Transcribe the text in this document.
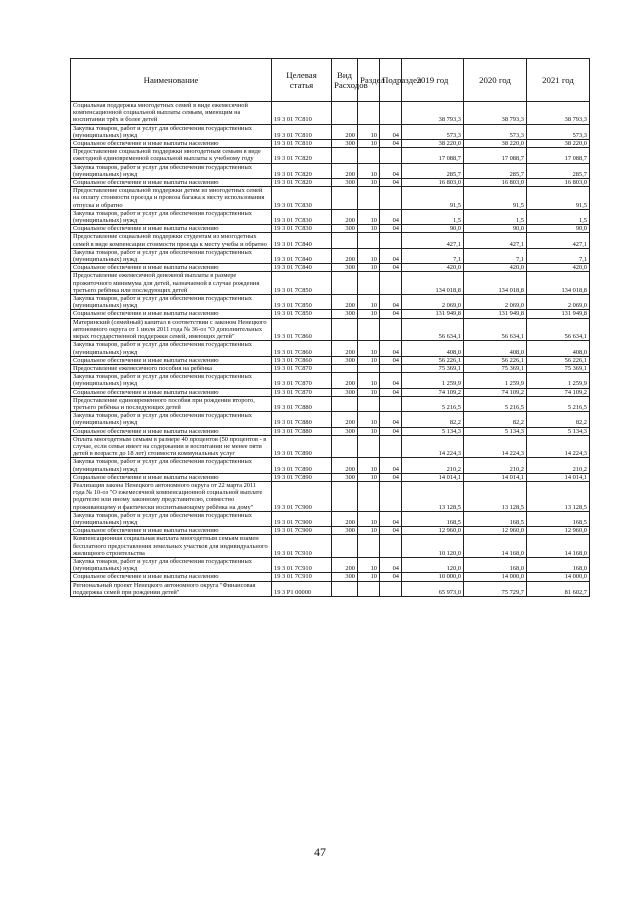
Наименование	Целевая статья	Вид Расходов	Раздел	Подраздел	2019 год	2020 год	2021 год
Социальная поддержка многодетных семей в виде ежемесячной компенсационной социальной выплаты семьям, имеющим на воспитании трёх и более детей	19 3 01 7С810				38 793,3	38 793,3	38 793,3
Закупка товаров, работ и услуг для обеспечения государственных (муниципальных) нужд	19 3 01 7С810	200	10	04	573,3	573,3	573,3
Социальное обеспечение и иные выплаты населению	19 3 01 7С810	300	10	04	38 220,0	38 220,0	38 220,0
Предоставление социальной поддержки многодетным семьям в виде ежегодной единовременной социальной выплаты к учебному году	19 3 01 7С820				17 088,7	17 088,7	17 088,7
Закупка товаров, работ и услуг для обеспечения государственных (муниципальных) нужд	19 3 01 7С820	200	10	04	285,7	285,7	285,7
Социальное обеспечение и иные выплаты населению	19 3 01 7С820	300	10	04	16 803,0	16 803,0	16 803,0
Предоставление социальной поддержки детям из многодетных семей на оплату стоимости проезда и провоза багажа к месту использования отпуска и обратно	19 3 01 7С830				91,5	91,5	91,5
Закупка товаров, работ и услуг для обеспечения государственных (муниципальных) нужд	19 3 01 7С830	200	10	04	1,5	1,5	1,5
Социальное обеспечение и иные выплаты населению	19 3 01 7С830	300	10	04	90,0	90,0	90,0
Предоставление социальной поддержки студентам из многодетных семей в виде компенсации стоимости проезда к месту учебы и обратно	19 3 01 7С840				427,1	427,1	427,1
Закупка товаров, работ и услуг для обеспечения государственных (муниципальных) нужд	19 3 01 7С840	200	10	04	7,1	7,1	7,1
Социальное обеспечение и иные выплаты населению	19 3 01 7С840	300	10	04	420,0	420,0	420,0
Предоставление ежемесячной денежной выплаты в размере прожиточного минимума для детей, назначаемой в случае рождения третьего ребёнка или последующих детей	19 3 01 7С850				134 018,8	134 018,8	134 018,8
Закупка товаров, работ и услуг для обеспечения государственных (муниципальных) нужд	19 3 01 7С850	200	10	04	2 069,0	2 069,0	2 069,0
Социальное обеспечение и иные выплаты населению	19 3 01 7С850	300	10	04	131 949,8	131 949,8	131 949,8
Материнский (семейный) капитал в соответствии с законом Ненецкого автономного округа от 1 июля 2011 года № 36-оз "О дополнительных мерах государственной поддержки семей, имеющих детей"	19 3 01 7С860				56 634,1	56 634,1	56 634,1
Закупка товаров, работ и услуг для обеспечения государственных (муниципальных) нужд	19 3 01 7С860	200	10	04	408,0	408,0	408,0
Социальное обеспечение и иные выплаты населению	19 3 01 7С860	300	10	04	56 226,1	56 226,1	56 226,1
Предоставление ежемесячного пособия на ребёнка	19 3 01 7С870				75 369,1	75 369,1	75 369,1
Закупка товаров, работ и услуг для обеспечения государственных (муниципальных) нужд	19 3 01 7С870	200	10	04	1 259,9	1 259,9	1 259,9
Социальное обеспечение и иные выплаты населению	19 3 01 7С870	300	10	04	74 109,2	74 109,2	74 109,2
Предоставление единовременного пособия при рождении второго, третьего ребёнка и последующих детей	19 3 01 7С880				5 216,5	5 216,5	5 216,5
Закупка товаров, работ и услуг для обеспечения государственных (муниципальных) нужд	19 3 01 7С880	200	10	04	82,2	82,2	82,2
Социальное обеспечение и иные выплаты населению	19 3 01 7С880	300	10	04	5 134,3	5 134,3	5 134,3
Оплата многодетным семьям в размере 40 процентов (50 процентов - в случае, если семья имеет на содержании и воспитании не менее пяти детей в возрасте до 18 лет) стоимости коммунальных услуг	19 3 01 7С890				14 224,3	14 224,3	14 224,3
Закупка товаров, работ и услуг для обеспечения государственных (муниципальных) нужд	19 3 01 7С890	200	10	04	210,2	210,2	210,2
Социальное обеспечение и иные выплаты населению	19 3 01 7С890	300	10	04	14 014,1	14 014,1	14 014,1
Реализация закона Ненецкого автономного округа от 22 марта 2011 года № 10-оз "О ежемесячной компенсационной социальной выплате родителю или иному законному представителю, совместно проживающему и фактически воспитывающему ребёнка на дому"	19 3 01 7С900				13 128,5	13 128,5	13 128,5
Закупка товаров, работ и услуг для обеспечения государственных (муниципальных) нужд	19 3 01 7С900	200	10	04	168,5	168,5	168,5
Социальное обеспечение и иные выплаты населению	19 3 01 7С900	300	10	04	12 960,0	12 960,0	12 960,0
Компенсационная социальная выплата многодетным семьям взамен бесплатного предоставления земельных участков для индивидуального жилищного строительства	19 3 01 7С910				10 120,0	14 168,0	14 168,0
Закупка товаров, работ и услуг для обеспечения государственных (муниципальных) нужд	19 3 01 7С910	200	10	04	120,0	168,0	168,0
Социальное обеспечение и иные выплаты населению	19 3 01 7С910	300	10	04	10 000,0	14 000,0	14 000,0
Региональный проект Ненецкого автономного округа "Финансовая поддержка семей при рождении детей"	19 3 P1 00000				65 973,0	75 729,7	81 602,7
47
